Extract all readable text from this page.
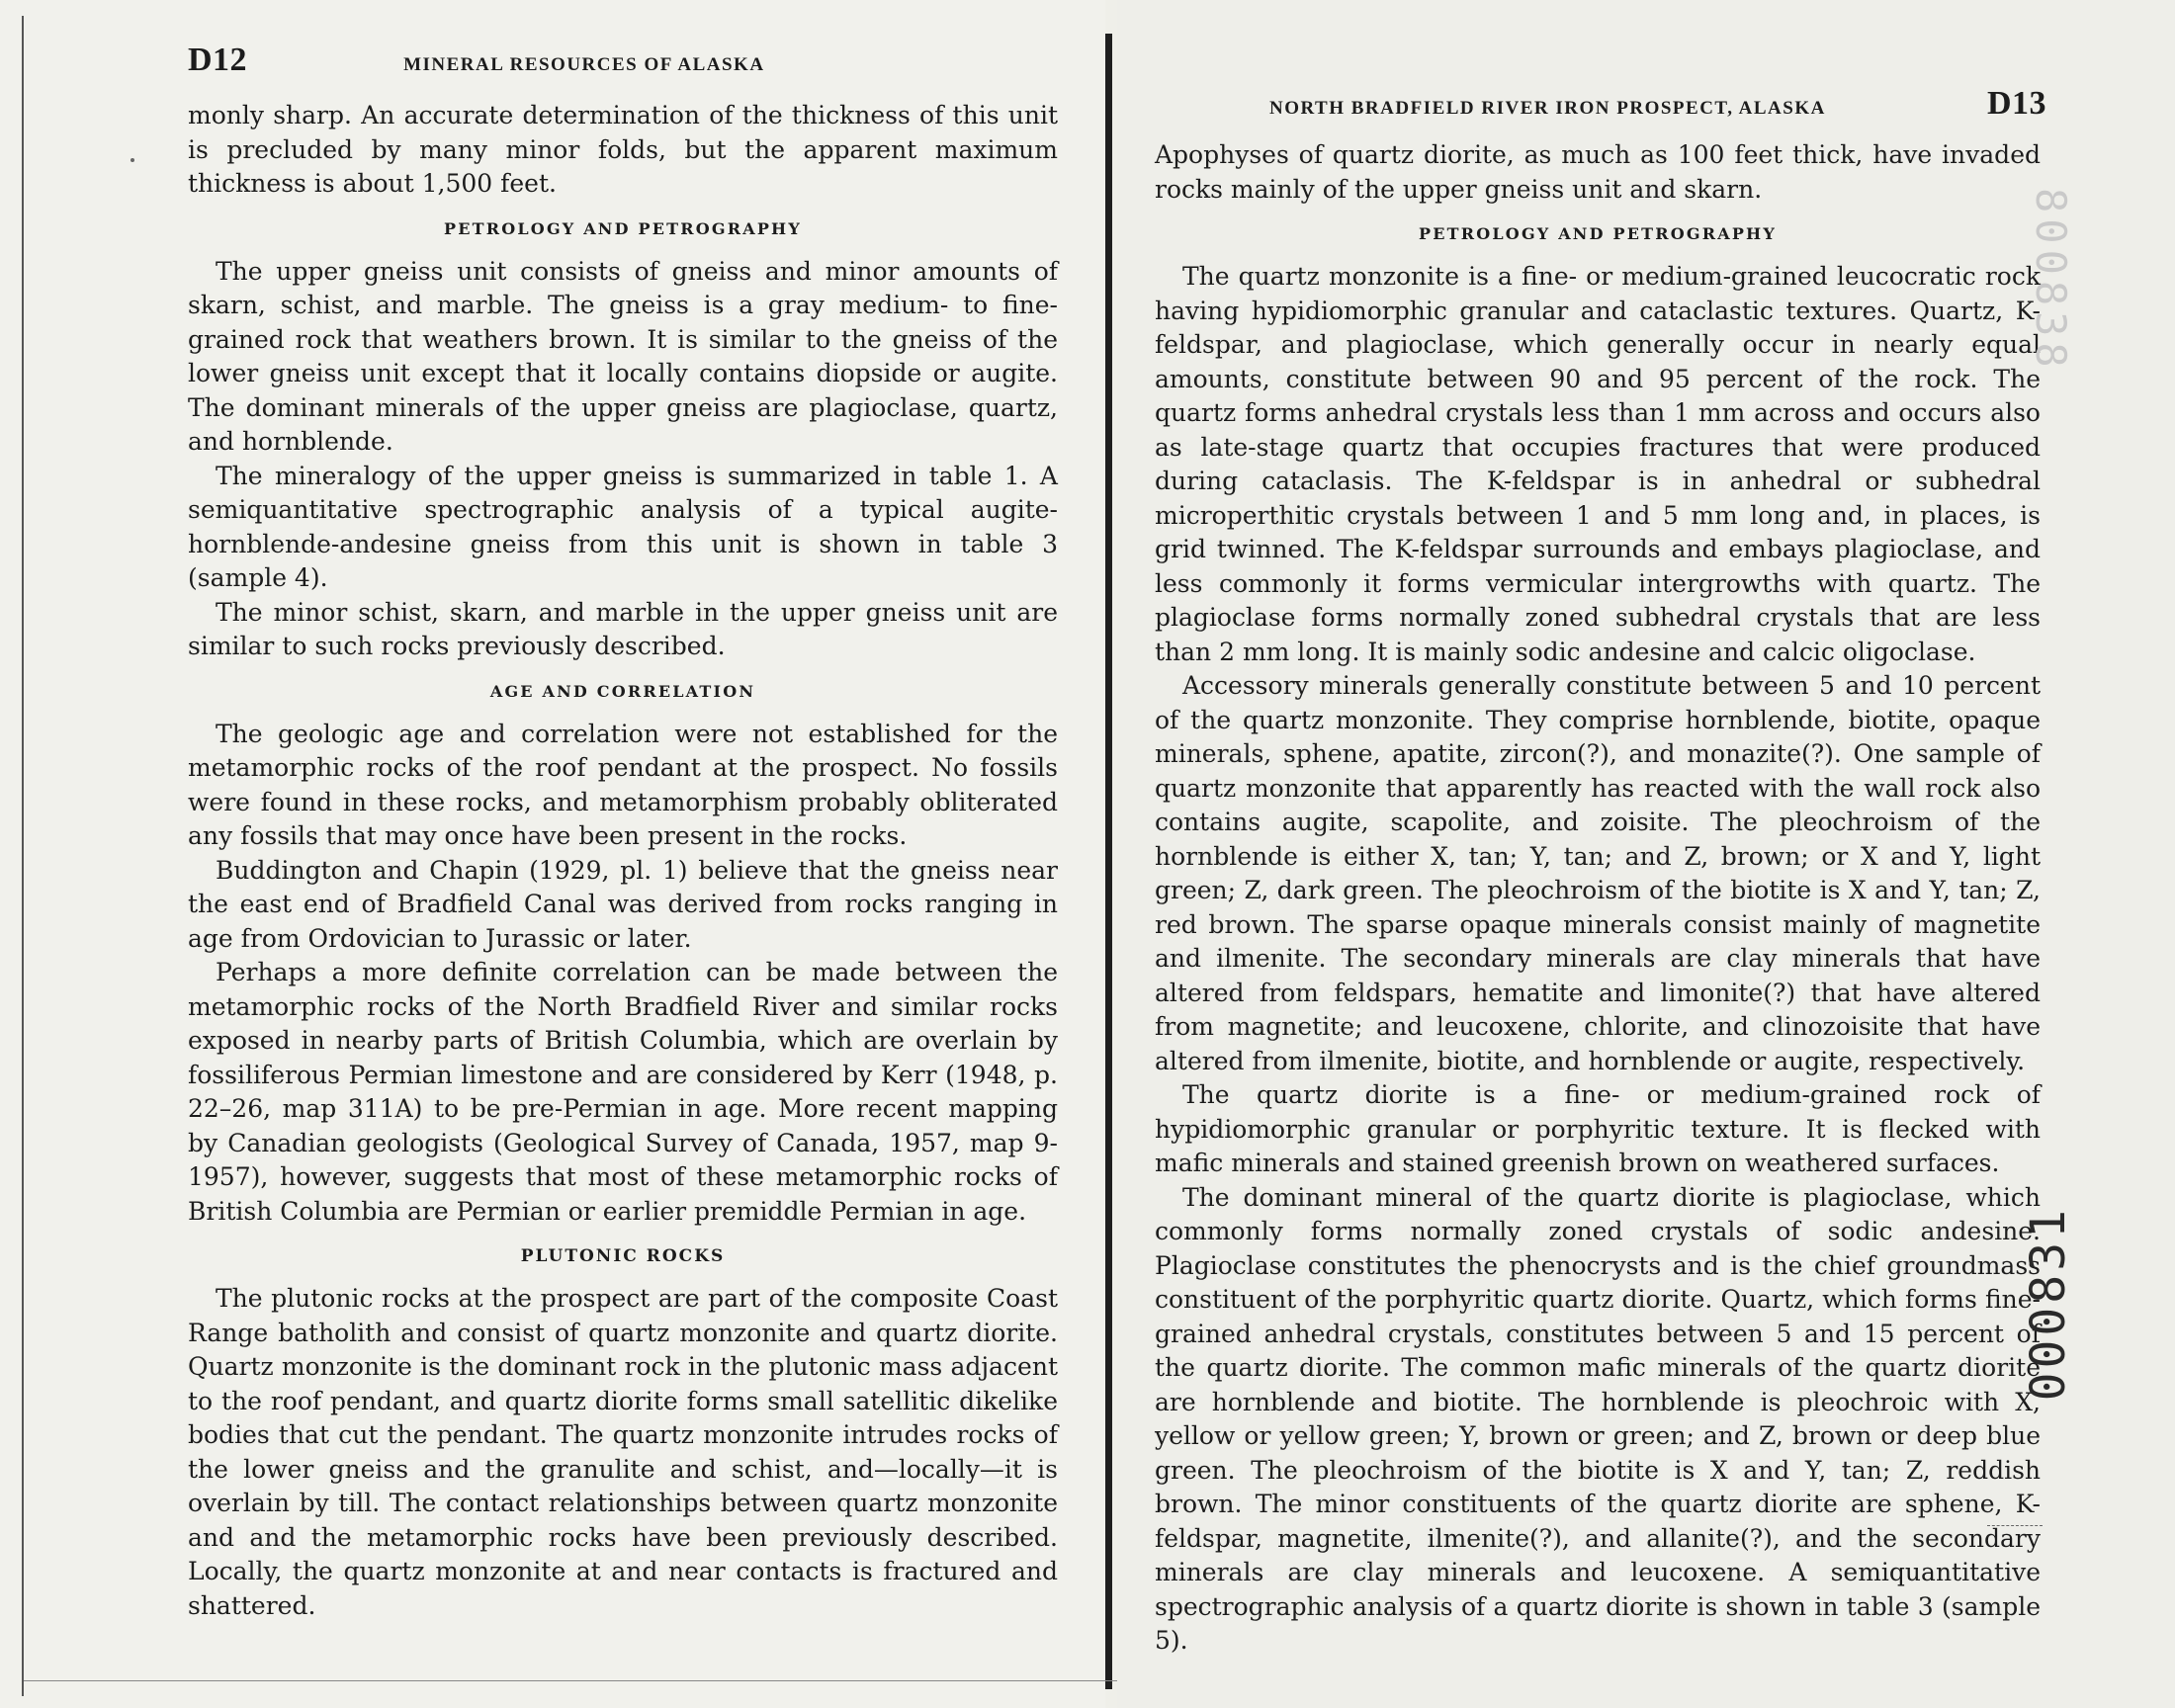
D12	MINERAL RESOURCES OF ALASKA

monly sharp. An accurate determination of the thickness of this unit is precluded by many minor folds, but the apparent maximum thickness is about 1,500 feet.

PETROLOGY AND PETROGRAPHY

The upper gneiss unit consists of gneiss and minor amounts of skarn, schist, and marble. The gneiss is a gray medium- to fine-grained rock that weathers brown. It is similar to the gneiss of the lower gneiss unit except that it locally contains diopside or augite. The dominant minerals of the upper gneiss are plagioclase, quartz, and hornblende.

The mineralogy of the upper gneiss is summarized in table 1. A semiquantitative spectrographic analysis of a typical augite-hornblende-andesine gneiss from this unit is shown in table 3 (sample 4).

The minor schist, skarn, and marble in the upper gneiss unit are similar to such rocks previously described.

AGE AND CORRELATION

The geologic age and correlation were not established for the metamorphic rocks of the roof pendant at the prospect. No fossils were found in these rocks, and metamorphism probably obliterated any fossils that may once have been present in the rocks.

Buddington and Chapin (1929, pl. 1) believe that the gneiss near the east end of Bradfield Canal was derived from rocks ranging in age from Ordovician to Jurassic or later.

Perhaps a more definite correlation can be made between the metamorphic rocks of the North Bradfield River and similar rocks exposed in nearby parts of British Columbia, which are overlain by fossiliferous Permian limestone and are considered by Kerr (1948, p. 22–26, map 311A) to be pre-Permian in age. More recent mapping by Canadian geologists (Geological Survey of Canada, 1957, map 9-1957), however, suggests that most of these metamorphic rocks of British Columbia are Permian or earlier premiddle Permian in age.

PLUTONIC ROCKS

The plutonic rocks at the prospect are part of the composite Coast Range batholith and consist of quartz monzonite and quartz diorite. Quartz monzonite is the dominant rock in the plutonic mass adjacent to the roof pendant, and quartz diorite forms small satellitic dikelike bodies that cut the pendant. The quartz monzonite intrudes rocks of the lower gneiss and the granulite and schist, and—locally—it is overlain by till. The contact relationships between quartz monzonite and and the metamorphic rocks have been previously described. Locally, the quartz monzonite at and near contacts is fractured and shattered.

NORTH BRADFIELD RIVER IRON PROSPECT, ALASKA	D13

Apophyses of quartz diorite, as much as 100 feet thick, have invaded rocks mainly of the upper gneiss unit and skarn.

PETROLOGY AND PETROGRAPHY

The quartz monzonite is a fine- or medium-grained leucocratic rock having hypidiomorphic granular and cataclastic textures. Quartz, K-feldspar, and plagioclase, which generally occur in nearly equal amounts, constitute between 90 and 95 percent of the rock. The quartz forms anhedral crystals less than 1 mm across and occurs also as late-stage quartz that occupies fractures that were produced during cataclasis. The K-feldspar is in anhedral or subhedral microperthitic crystals between 1 and 5 mm long and, in places, is grid twinned. The K-feldspar surrounds and embays plagioclase, and less commonly it forms vermicular intergrowths with quartz. The plagioclase forms normally zoned subhedral crystals that are less than 2 mm long. It is mainly sodic andesine and calcic oligoclase.

Accessory minerals generally constitute between 5 and 10 percent of the quartz monzonite. They comprise hornblende, biotite, opaque minerals, sphene, apatite, zircon(?), and monazite(?). One sample of quartz monzonite that apparently has reacted with the wall rock also contains augite, scapolite, and zoisite. The pleochroism of the hornblende is either X, tan; Y, tan; and Z, brown; or X and Y, light green; Z, dark green. The pleochroism of the biotite is X and Y, tan; Z, red brown. The sparse opaque minerals consist mainly of magnetite and ilmenite. The secondary minerals are clay minerals that have altered from feldspars, hematite and limonite(?) that have altered from magnetite; and leucoxene, chlorite, and clinozoisite that have altered from ilmenite, biotite, and hornblende or augite, respectively.

The quartz diorite is a fine- or medium-grained rock of hypidiomorphic granular or porphyritic texture. It is flecked with mafic minerals and stained greenish brown on weathered surfaces.

The dominant mineral of the quartz diorite is plagioclase, which commonly forms normally zoned crystals of sodic andesine. Plagioclase constitutes the phenocrysts and is the chief groundmass constituent of the porphyritic quartz diorite. Quartz, which forms fine-grained anhedral crystals, constitutes between 5 and 15 percent of the quartz diorite. The common mafic minerals of the quartz diorite are hornblende and biotite. The hornblende is pleochroic with X, yellow or yellow green; Y, brown or green; and Z, brown or deep blue green. The pleochroism of the biotite is X and Y, tan; Z, reddish brown. The minor constituents of the quartz diorite are sphene, K-feldspar, magnetite, ilmenite(?), and allanite(?), and the secondary minerals are clay minerals and leucoxene. A semiquantitative spectrographic analysis of a quartz diorite is shown in table 3 (sample 5).

800838
000831
